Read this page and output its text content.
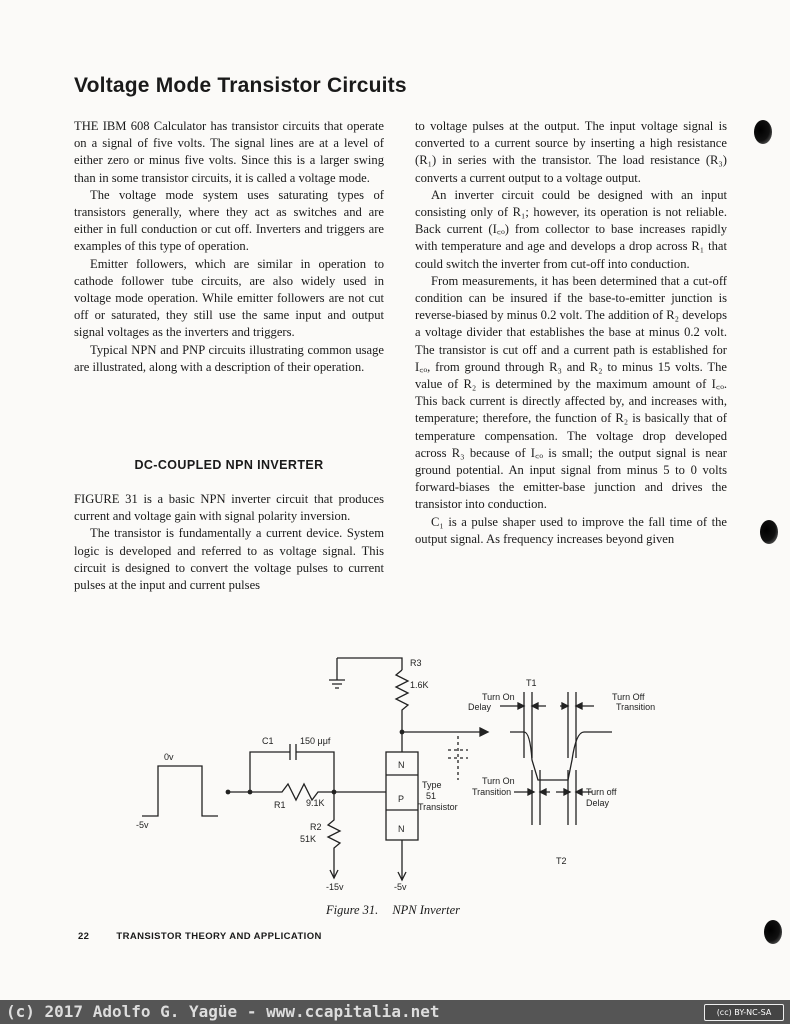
Voltage Mode Transistor Circuits

THE IBM 608 Calculator has transistor circuits that operate on a signal of five volts. The signal lines are at a level of either zero or minus five volts. Since this is a larger swing than in some transistor circuits, it is called a voltage mode.

The voltage mode system uses saturating types of transistors generally, where they act as switches and are either in full conduction or cut off. Inverters and triggers are examples of this type of operation.

Emitter followers, which are similar in operation to cathode follower tube circuits, are also widely used in voltage mode operation. While emitter followers are not cut off or saturated, they still use the same input and output signal voltages as the inverters and triggers.

Typical NPN and PNP circuits illustrating common usage are illustrated, along with a description of their operation.

DC-COUPLED NPN INVERTER

FIGURE 31 is a basic NPN inverter circuit that produces current and voltage gain with signal polarity inversion.

The transistor is fundamentally a current device. System logic is developed and referred to as voltage signal. This circuit is designed to convert the voltage pulses to current pulses at the input and current pulses

to voltage pulses at the output. The input voltage signal is converted to a current source by inserting a high resistance (R₁) in series with the transistor. The load resistance (R₃) converts a current output to a voltage output.

An inverter circuit could be designed with an input consisting only of R₁; however, its operation is not reliable. Back current (I꜀ₒ) from collector to base increases rapidly with temperature and age and develops a drop across R₁ that could switch the inverter from cut-off into conduction.

From measurements, it has been determined that a cut-off condition can be insured if the base-to-emitter junction is reverse-biased by minus 0.2 volt. The addition of R₂ develops a voltage divider that establishes the base at minus 0.2 volt. The transistor is cut off and a current path is established for I꜀ₒ, from ground through R₃ and R₂ to minus 15 volts. The value of R₂ is determined by the maximum amount of I꜀ₒ. This back current is directly affected by, and increases with, temperature; therefore, the function of R₂ is basically that of temperature compensation. The voltage drop developed across R₃ because of I꜀ₒ is small; the output signal is near ground potential. An input signal from minus 5 to 0 volts forward-biases the emitter-base junction and drives the transistor into conduction.

C₁ is a pulse shaper used to improve the fall time of the output signal. As frequency increases beyond given

R3
1.6K
C1	150 μμf
R1 9.1K
R2
51K
0v
-5v
-15v	-5v
N
P
N
Type
51
Transistor
T1
T2
Turn On
Delay
Turn Off
Transition
Turn On
Transition	Turn off
Delay
Figure 31. NPN Inverter
22	TRANSISTOR THEORY AND APPLICATION
(c) 2017 Adolfo G. Yagüe - www.ccapitalia.net	(cc) BY-NC-SA
